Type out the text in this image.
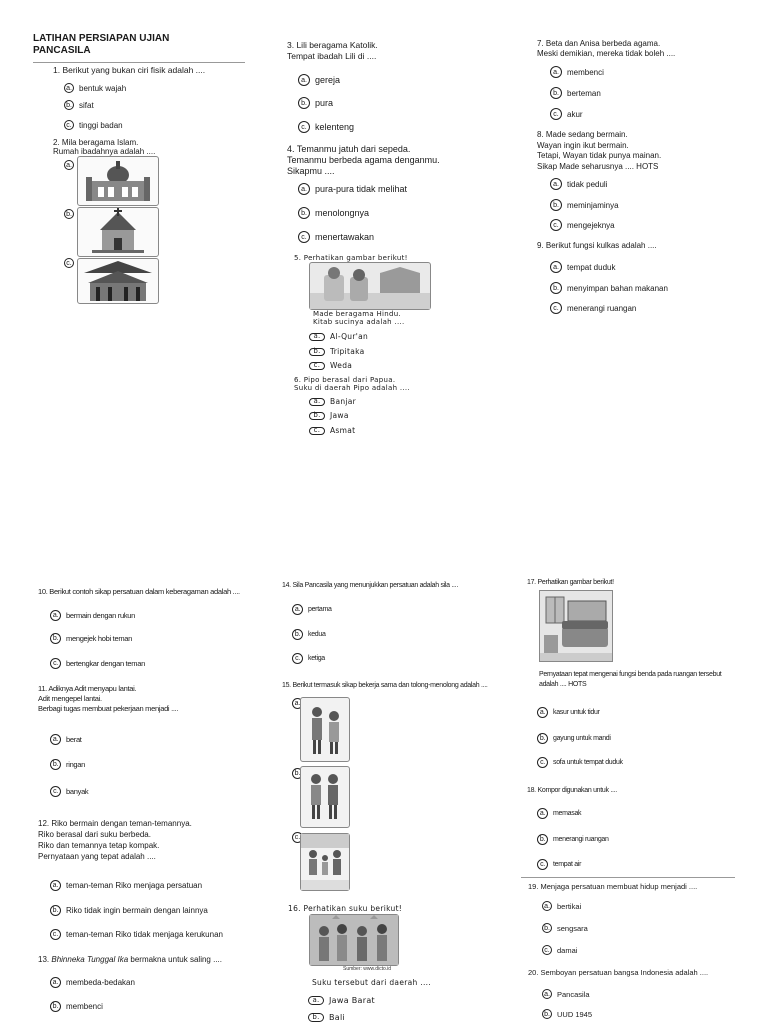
LATIHAN PERSIAPAN UJIAN
PANCASILA
1. Berikut yang bukan ciri fisik adalah ....
a. bentuk wajah
b. sifat
c. tinggi badan
2. Mila beragama Islam.
Rumah ibadahnya adalah ....
a.
b.
c.
3. Lili beragama Katolik.
Tempat ibadah Lili di ....
a. gereja
b. pura
c. kelenteng
4. Temanmu jatuh dari sepeda.
Temanmu berbeda agama denganmu.
Sikapmu ....
a. pura-pura tidak melihat
b. menolongnya
c. menertawakan
5. Perhatikan gambar berikut!
Made beragama Hindu.
Kitab sucinya adalah ....
a.	Al-Qur'an
b.	Tripitaka
c.	Weda
6. Pipo berasal dari Papua.
Suku di daerah Pipo adalah ....
a.	Banjar
b.	Jawa
c.	Asmat
7. Beta dan Anisa berbeda agama.
Meski demikian, mereka tidak boleh ....
a.	membenci
b.	berteman
c.	akur
8. Made sedang bermain.
Wayan ingin ikut bermain.
Tetapi, Wayan tidak punya mainan.
Sikap Made seharusnya .... HOTS
a.	tidak peduli
b.	meminjaminya
c.	mengejeknya
9. Berikut fungsi kulkas adalah ....
a.	tempat duduk
b.	menyimpan bahan makanan
c.	menerangi ruangan
10. Berikut contoh sikap persatuan dalam keberagaman adalah ....
a.	bermain dengan rukun
b.	mengejek hobi teman
c.	bertengkar dengan teman
11. Adiknya Adit menyapu lantai.
Adit mengepel lantai.
Berbagi tugas membuat pekerjaan menjadi ....
a.	berat
b.	ringan
c.	banyak
12. Riko bermain dengan teman-temannya.
Riko berasal dari suku berbeda.
Riko dan temannya tetap kompak.
Pernyataan yang tepat adalah ....
a. teman-teman Riko menjaga persatuan
b. Riko tidak ingin bermain dengan lainnya
c. teman-teman Riko tidak menjaga kerukunan
13. Bhinneka Tunggal Ika bermakna untuk saling ....
a. membeda-bedakan
b. membenci
14. Sila Pancasila yang menunjukkan persatuan adalah sila ....
a.	pertama
b.	kedua
c.	ketiga
15. Berikut termasuk sikap bekerja sama dan tolong-menolong adalah ....
a.
b.
c.
16. Perhatikan suku berikut!
Sumber: www.dicto.id
Suku tersebut dari daerah ....
a.	Jawa Barat
b.	Bali
17. Perhatikan gambar berikut!
Pernyataan tepat mengenai fungsi benda pada ruangan tersebut
adalah .... HOTS
a.	kasur untuk tidur
b.	gayung untuk mandi
c.	sofa untuk tempat duduk
18. Kompor digunakan untuk ....
a.	memasak
b.	menerangi ruangan
c.	tempat air
19. Menjaga persatuan membuat hidup menjadi ....
a. bertikai
b. sengsara
c. damai
20. Semboyan persatuan bangsa Indonesia adalah ....
a. Pancasila
b. UUD 1945
